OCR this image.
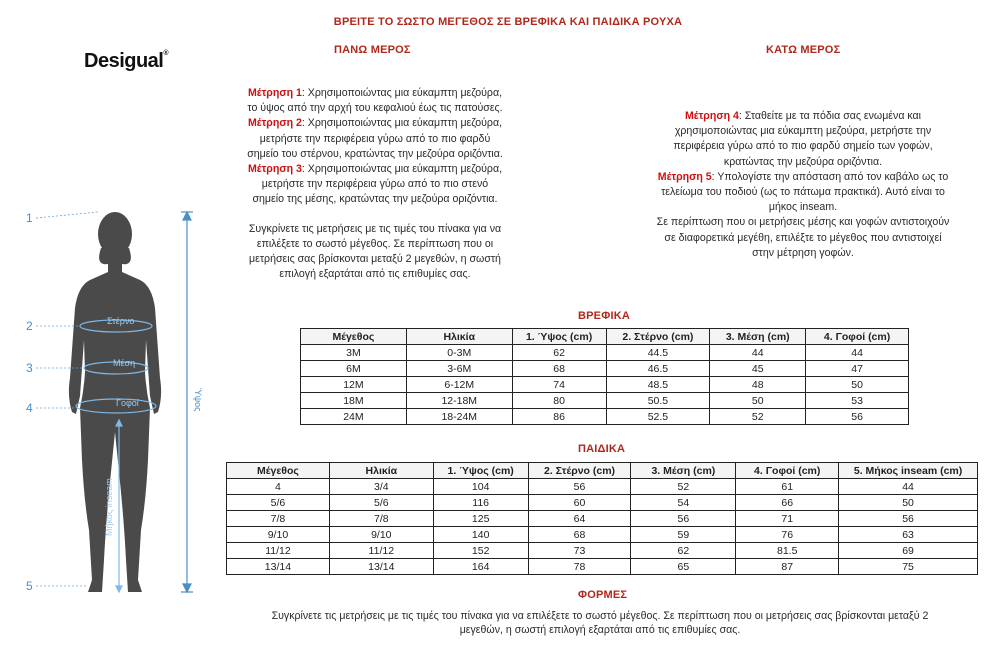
ΒΡΕΙΤΕ ΤΟ ΣΩΣΤΟ ΜΕΓΕΘΟΣ ΣΕ ΒΡΕΦΙΚΑ ΚΑΙ ΠΑΙΔΙΚΑ ΡΟΥΧΑ
Desigual®	ΠΑΝΩ ΜΕΡΟΣ
Μέτρηση 1: Χρησιμοποιώντας μια εύκαμπτη μεζούρα,
το ύψος από την αρχή του κεφαλιού έως τις πατούσες.
Μέτρηση 2: Χρησιμοποιώντας μια εύκαμπτη μεζούρα,
μετρήστε την περιφέρεια γύρω από το πιο φαρδύ
σημείο του στέρνου, κρατώντας την μεζούρα οριζόντια.
Μέτρηση 3: Χρησιμοποιώντας μια εύκαμπτη μεζούρα,
μετρήστε την περιφέρεια γύρω από το πιο στενό
σημείο της μέσης, κρατώντας την μεζούρα οριζόντια.
Συγκρίνετε τις μετρήσεις με τις τιμές του πίνακα για να
επιλέξετε το σωστό μέγεθος. Σε περίπτωση που οι
μετρήσεις σας βρίσκονται μεταξύ 2 μεγεθών, η σωστή
επιλογή εξαρτάται από τις επιθυμίες σας.
ΚΑΤΩ ΜΕΡΟΣ
Μέτρηση 4: Σταθείτε με τα πόδια σας ενωμένα και
χρησιμοποιώντας μια εύκαμπτη μεζούρα, μετρήστε την
περιφέρεια γύρω από το πιο φαρδύ σημείο των γοφών,
κρατώντας την μεζούρα οριζόντια.
Μέτρηση 5: Υπολογίστε την απόσταση από τον καβάλο ως το
τελείωμα του ποδιού (ως το πάτωμα πρακτικά). Αυτό είναι το
μήκος inseam.
Σε περίπτωση που οι μετρήσεις μέσης και γοφών αντιστοιχούν
σε διαφορετικά μεγέθη, επιλέξτε το μέγεθος που αντιστοιχεί
στην μέτρηση γοφών.
1
2
3
4
5
Στέρνο
Μέση
Γοφοί	Ύψος
Μήκος inseam
ΒΡΕΦΙΚΑ
Μέγεθος	Ηλικία	1. Ύψος (cm)	2. Στέρνο (cm)	3. Μέση (cm)	4. Γοφοί (cm)
3M	0-3M	62	44.5	44	44
6M	3-6M	68	46.5	45	47
12M	6-12M	74	48.5	48	50
18M	12-18M	80	50.5	50	53
24M	18-24M	86	52.5	52	56
ΠΑΙΔΙΚΑ
Μέγεθος	Ηλικία	1. Ύψος (cm)	2. Στέρνο (cm)	3. Μέση (cm)	4. Γοφοί (cm)	5. Μήκος inseam (cm)
4	3/4	104	56	52	61	44
5/6	5/6	116	60	54	66	50
7/8	7/8	125	64	56	71	56
9/10	9/10	140	68	59	76	63
11/12	11/12	152	73	62	81.5	69
13/14	13/14	164	78	65	87	75
ΦΟΡΜΕΣ
Συγκρίνετε τις μετρήσεις με τις τιμές του πίνακα για να επιλέξετε το σωστό μέγεθος. Σε περίπτωση που οι μετρήσεις σας βρίσκονται μεταξύ 2
μεγεθών, η σωστή επιλογή εξαρτάται από τις επιθυμίες σας.
